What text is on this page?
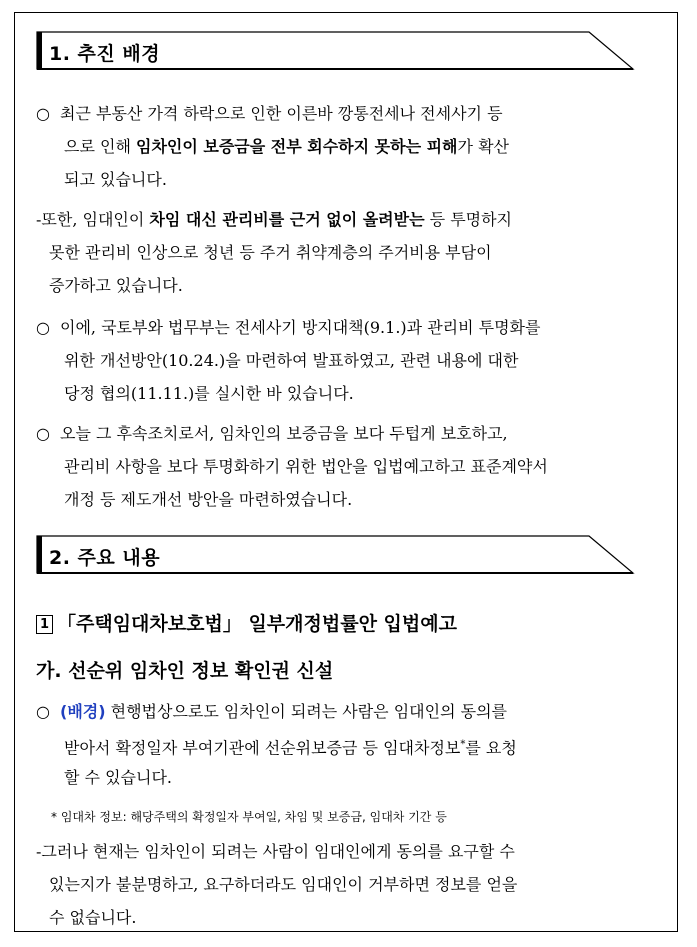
1. 추진 배경
○ 최근 부동산 가격 하락으로 인한 이른바 깡통전세나 전세사기 등
으로 인해 임차인이 보증금을 전부 회수하지 못하는 피해가 확산
되고 있습니다.
-또한, 임대인이 차임 대신 관리비를 근거 없이 올려받는 등 투명하지
못한 관리비 인상으로 청년 등 주거 취약계층의 주거비용 부담이
증가하고 있습니다.
○ 이에, 국토부와 법무부는 전세사기 방지대책(9.1.)과 관리비 투명화를
위한 개선방안(10.24.)을 마련하여 발표하였고, 관련 내용에 대한
당정 협의(11.11.)를 실시한 바 있습니다.
○ 오늘 그 후속조치로서, 임차인의 보증금을 보다 두텁게 보호하고,
관리비 사항을 보다 투명화하기 위한 법안을 입법예고하고 표준계약서
개정 등 제도개선 방안을 마련하였습니다.
2. 주요 내용
1 「주택임대차보호법」 일부개정법률안 입법예고
가. 선순위 임차인 정보 확인권 신설
○ (배경) 현행법상으로도 임차인이 되려는 사람은 임대인의 동의를
받아서 확정일자 부여기관에 선순위보증금 등 임대차정보*를 요청
할 수 있습니다.
* 임대차 정보: 해당주택의 확정일자 부여일, 차임 및 보증금, 임대차 기간 등
-그러나 현재는 임차인이 되려는 사람이 임대인에게 동의를 요구할 수
있는지가 불분명하고, 요구하더라도 임대인이 거부하면 정보를 얻을
수 없습니다.
